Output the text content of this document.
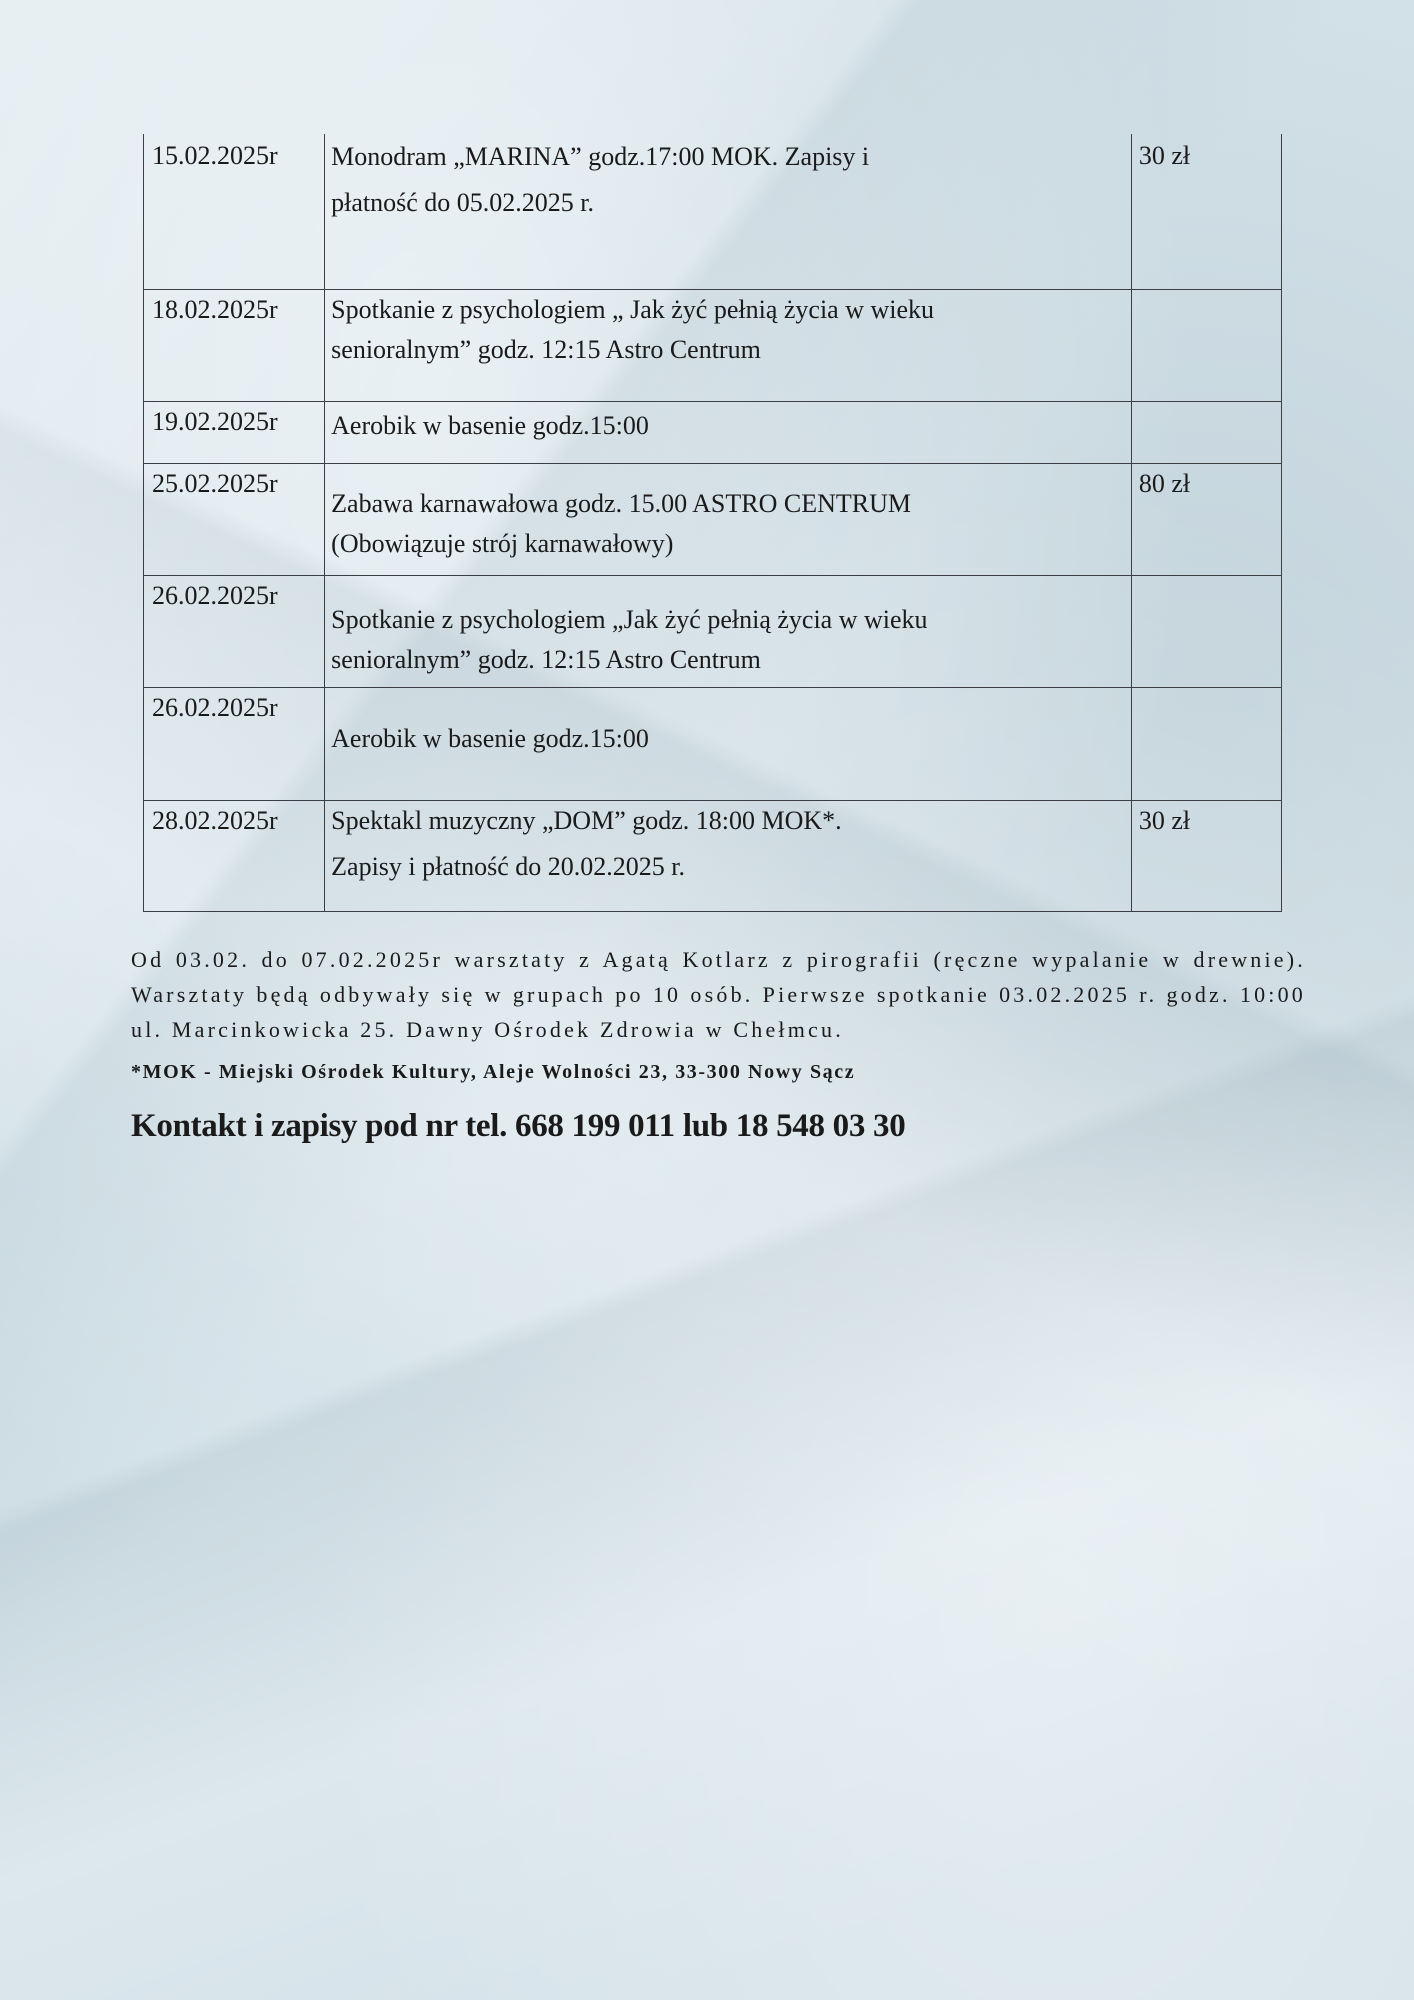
15.02.2025r	Monodram „MARINA” godz.17:00 MOK. Zapisy i
płatność do 05.02.2025 r.	30 zł

18.02.2025r	Spotkanie z psychologiem „ Jak żyć pełnią życia w wieku
senioralnym” godz. 12:15 Astro Centrum	

19.02.2025r	Aerobik w basenie godz.15:00	

25.02.2025r	Zabawa karnawałowa godz. 15.00 ASTRO CENTRUM
(Obowiązuje strój karnawałowy)	80 zł

26.02.2025r	Spotkanie z psychologiem „Jak żyć pełnią życia w wieku
senioralnym” godz. 12:15 Astro Centrum	

26.02.2025r	Aerobik w basenie godz.15:00	

28.02.2025r	Spektakl muzyczny „DOM” godz. 18:00 MOK*.
Zapisy i płatność do 20.02.2025 r.	30 zł

Od 03.02. do 07.02.2025r warsztaty z Agatą Kotlarz z pirografii (ręczne wypalanie w drewnie). Warsztaty będą odbywały się w grupach po 10 osób. Pierwsze spotkanie 03.02.2025 r. godz. 10:00 ul. Marcinkowicka 25. Dawny Ośrodek Zdrowia w Chełmcu.

*MOK - Miejski Ośrodek Kultury, Aleje Wolności 23, 33-300 Nowy Sącz

Kontakt i zapisy pod nr tel. 668 199 011 lub 18 548 03 30
